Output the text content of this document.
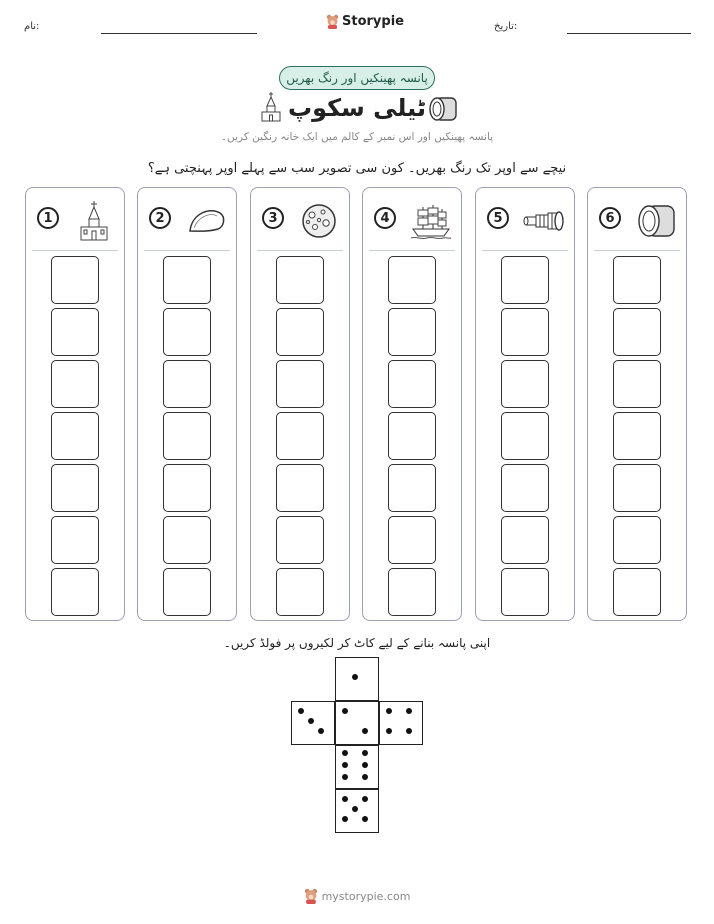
نام:	Storypie	تاریخ:
پانسہ پھینکیں اور رنگ بھریں
ٹیلی سکوپ
پانسہ پھینکیں اور اس نمبر کے کالم میں ایک خانہ رنگین کریں۔
نیچے سے اوپر تک رنگ بھریں۔ کون سی تصویر سب سے پہلے اوپر پہنچتی ہے؟
1	2	3	4	5	6
اپنی پانسہ بنانے کے لیے کاٹ کر لکیروں پر فولڈ کریں۔
mystorypie.com
